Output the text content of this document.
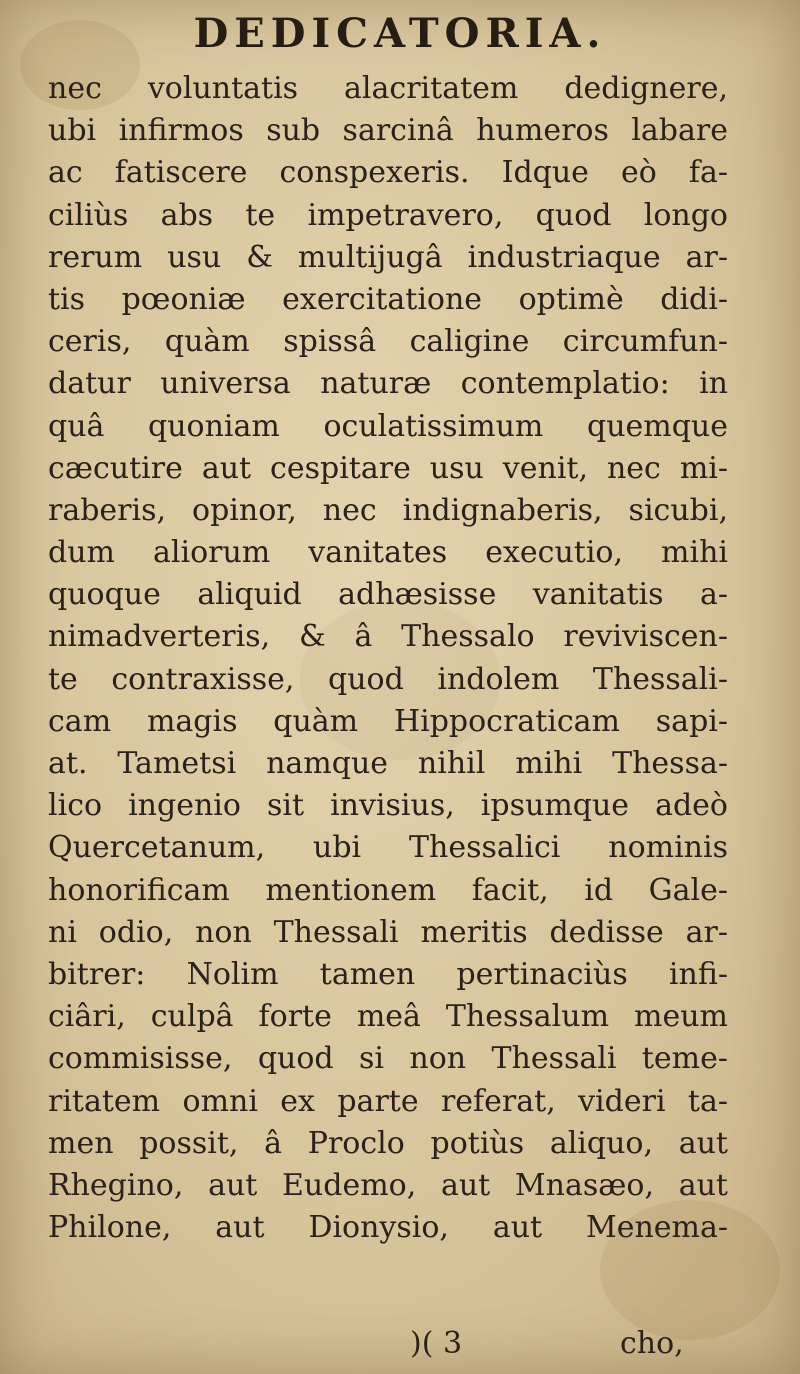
DEDICATORIA.
nec voluntatis alacritatem dedignere,
ubi infirmos sub sarcinâ humeros labare
ac fatiscere conspexeris. Idque eò fa-
ciliùs abs te impetravero, quod longo
rerum usu & multijugâ industriaque ar-
tis pœoniæ exercitatione optimè didi-
ceris, quàm spissâ caligine circumfun-
datur universa naturæ contemplatio: in
quâ quoniam oculatissimum quemque
cæcutire aut cespitare usu venit, nec mi-
raberis, opinor, nec indignaberis, sicubi,
dum aliorum vanitates executio, mihi
quoque aliquid adhæsisse vanitatis a-
nimadverteris, & â Thessalo reviviscen-
te contraxisse, quod indolem Thessali-
cam magis quàm Hippocraticam sapi-
at. Tametsi namque nihil mihi Thessa-
lico ingenio sit invisius, ipsumque adeò
Quercetanum, ubi Thessalici nominis
honorificam mentionem facit, id Gale-
ni odio, non Thessali meritis dedisse ar-
bitrer: Nolim tamen pertinaciùs infi-
ciâri, culpâ forte meâ Thessalum meum
commisisse, quod si non Thessali teme-
ritatem omni ex parte referat, videri ta-
men possit, â Proclo potiùs aliquo, aut
Rhegino, aut Eudemo, aut Mnasæo, aut
Philone, aut Dionysio, aut Menema-
)( 3	cho,
